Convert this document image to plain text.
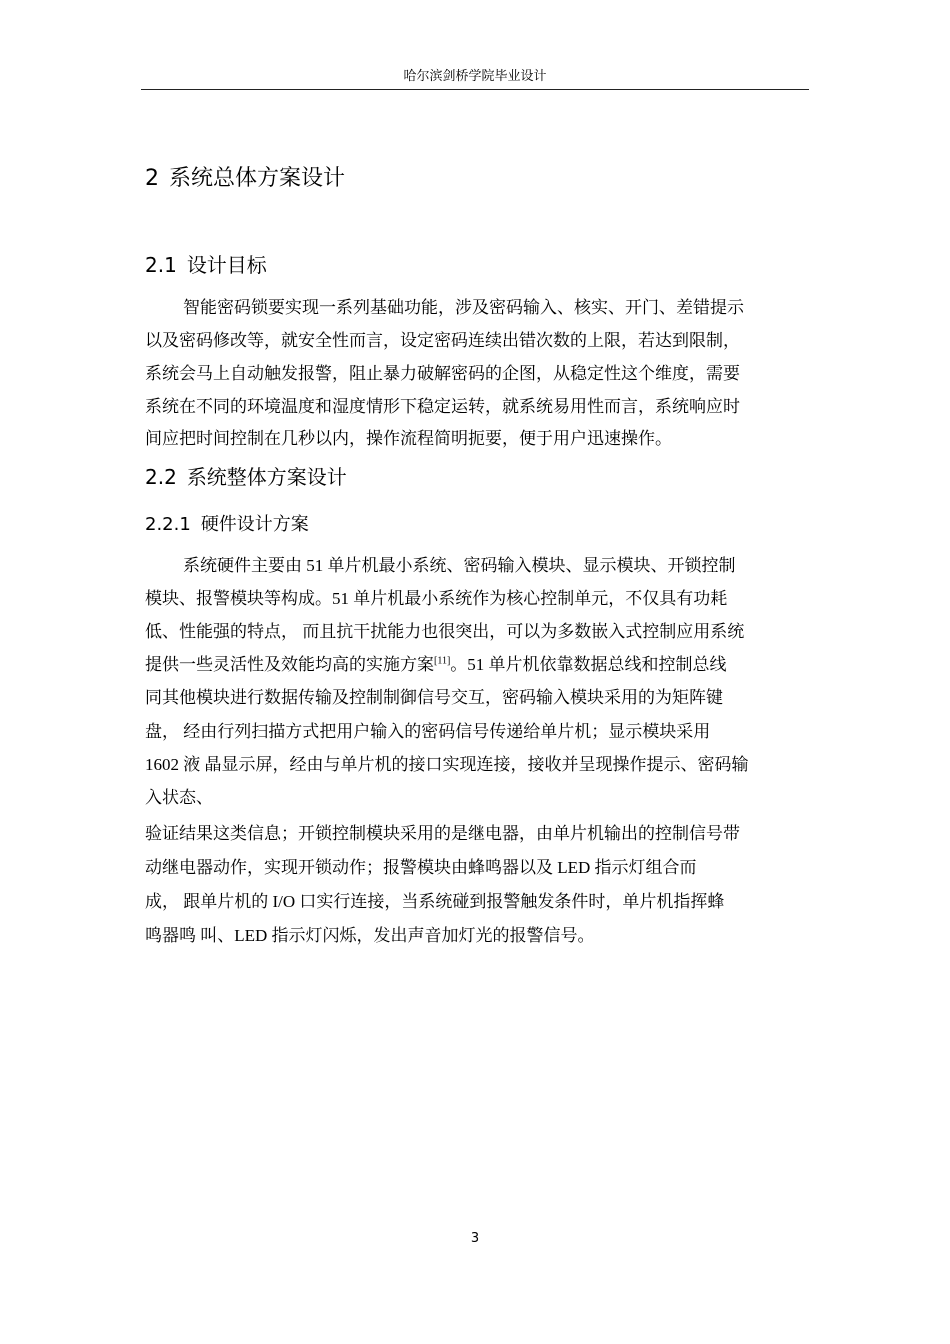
哈尔滨剑桥学院毕业设计
2 系统总体方案设计
2.1 设计目标
智能密码锁要实现一系列基础功能，涉及密码输入、核实、开门、差错提示
以及密码修改等，就安全性而言，设定密码连续出错次数的上限，若达到限制，
系统会马上自动触发报警，阻止暴力破解密码的企图，从稳定性这个维度，需要
系统在不同的环境温度和湿度情形下稳定运转，就系统易用性而言，系统响应时
间应把时间控制在几秒以内，操作流程简明扼要，便于用户迅速操作。
2.2 系统整体方案设计
2.2.1 硬件设计方案
系统硬件主要由 51 单片机最小系统、密码输入模块、显示模块、开锁控制
模块、报警模块等构成。51 单片机最小系统作为核心控制单元，不仅具有功耗
低、性能强的特点， 而且抗干扰能力也很突出，可以为多数嵌入式控制应用系统
提供一些灵活性及效能均高的实施方案[11]。51 单片机依靠数据总线和控制总线
同其他模块进行数据传输及控制制御信号交互，密码输入模块采用的为矩阵键
盘， 经由行列扫描方式把用户输入的密码信号传递给单片机；显示模块采用
1602 液 晶显示屏，经由与单片机的接口实现连接，接收并呈现操作提示、密码输
入状态、
验证结果这类信息；开锁控制模块采用的是继电器，由单片机输出的控制信号带
动继电器动作，实现开锁动作；报警模块由蜂鸣器以及 LED 指示灯组合而
成， 跟单片机的 I/O 口实行连接，当系统碰到报警触发条件时，单片机指挥蜂
鸣器鸣 叫、LED 指示灯闪烁，发出声音加灯光的报警信号。
3
